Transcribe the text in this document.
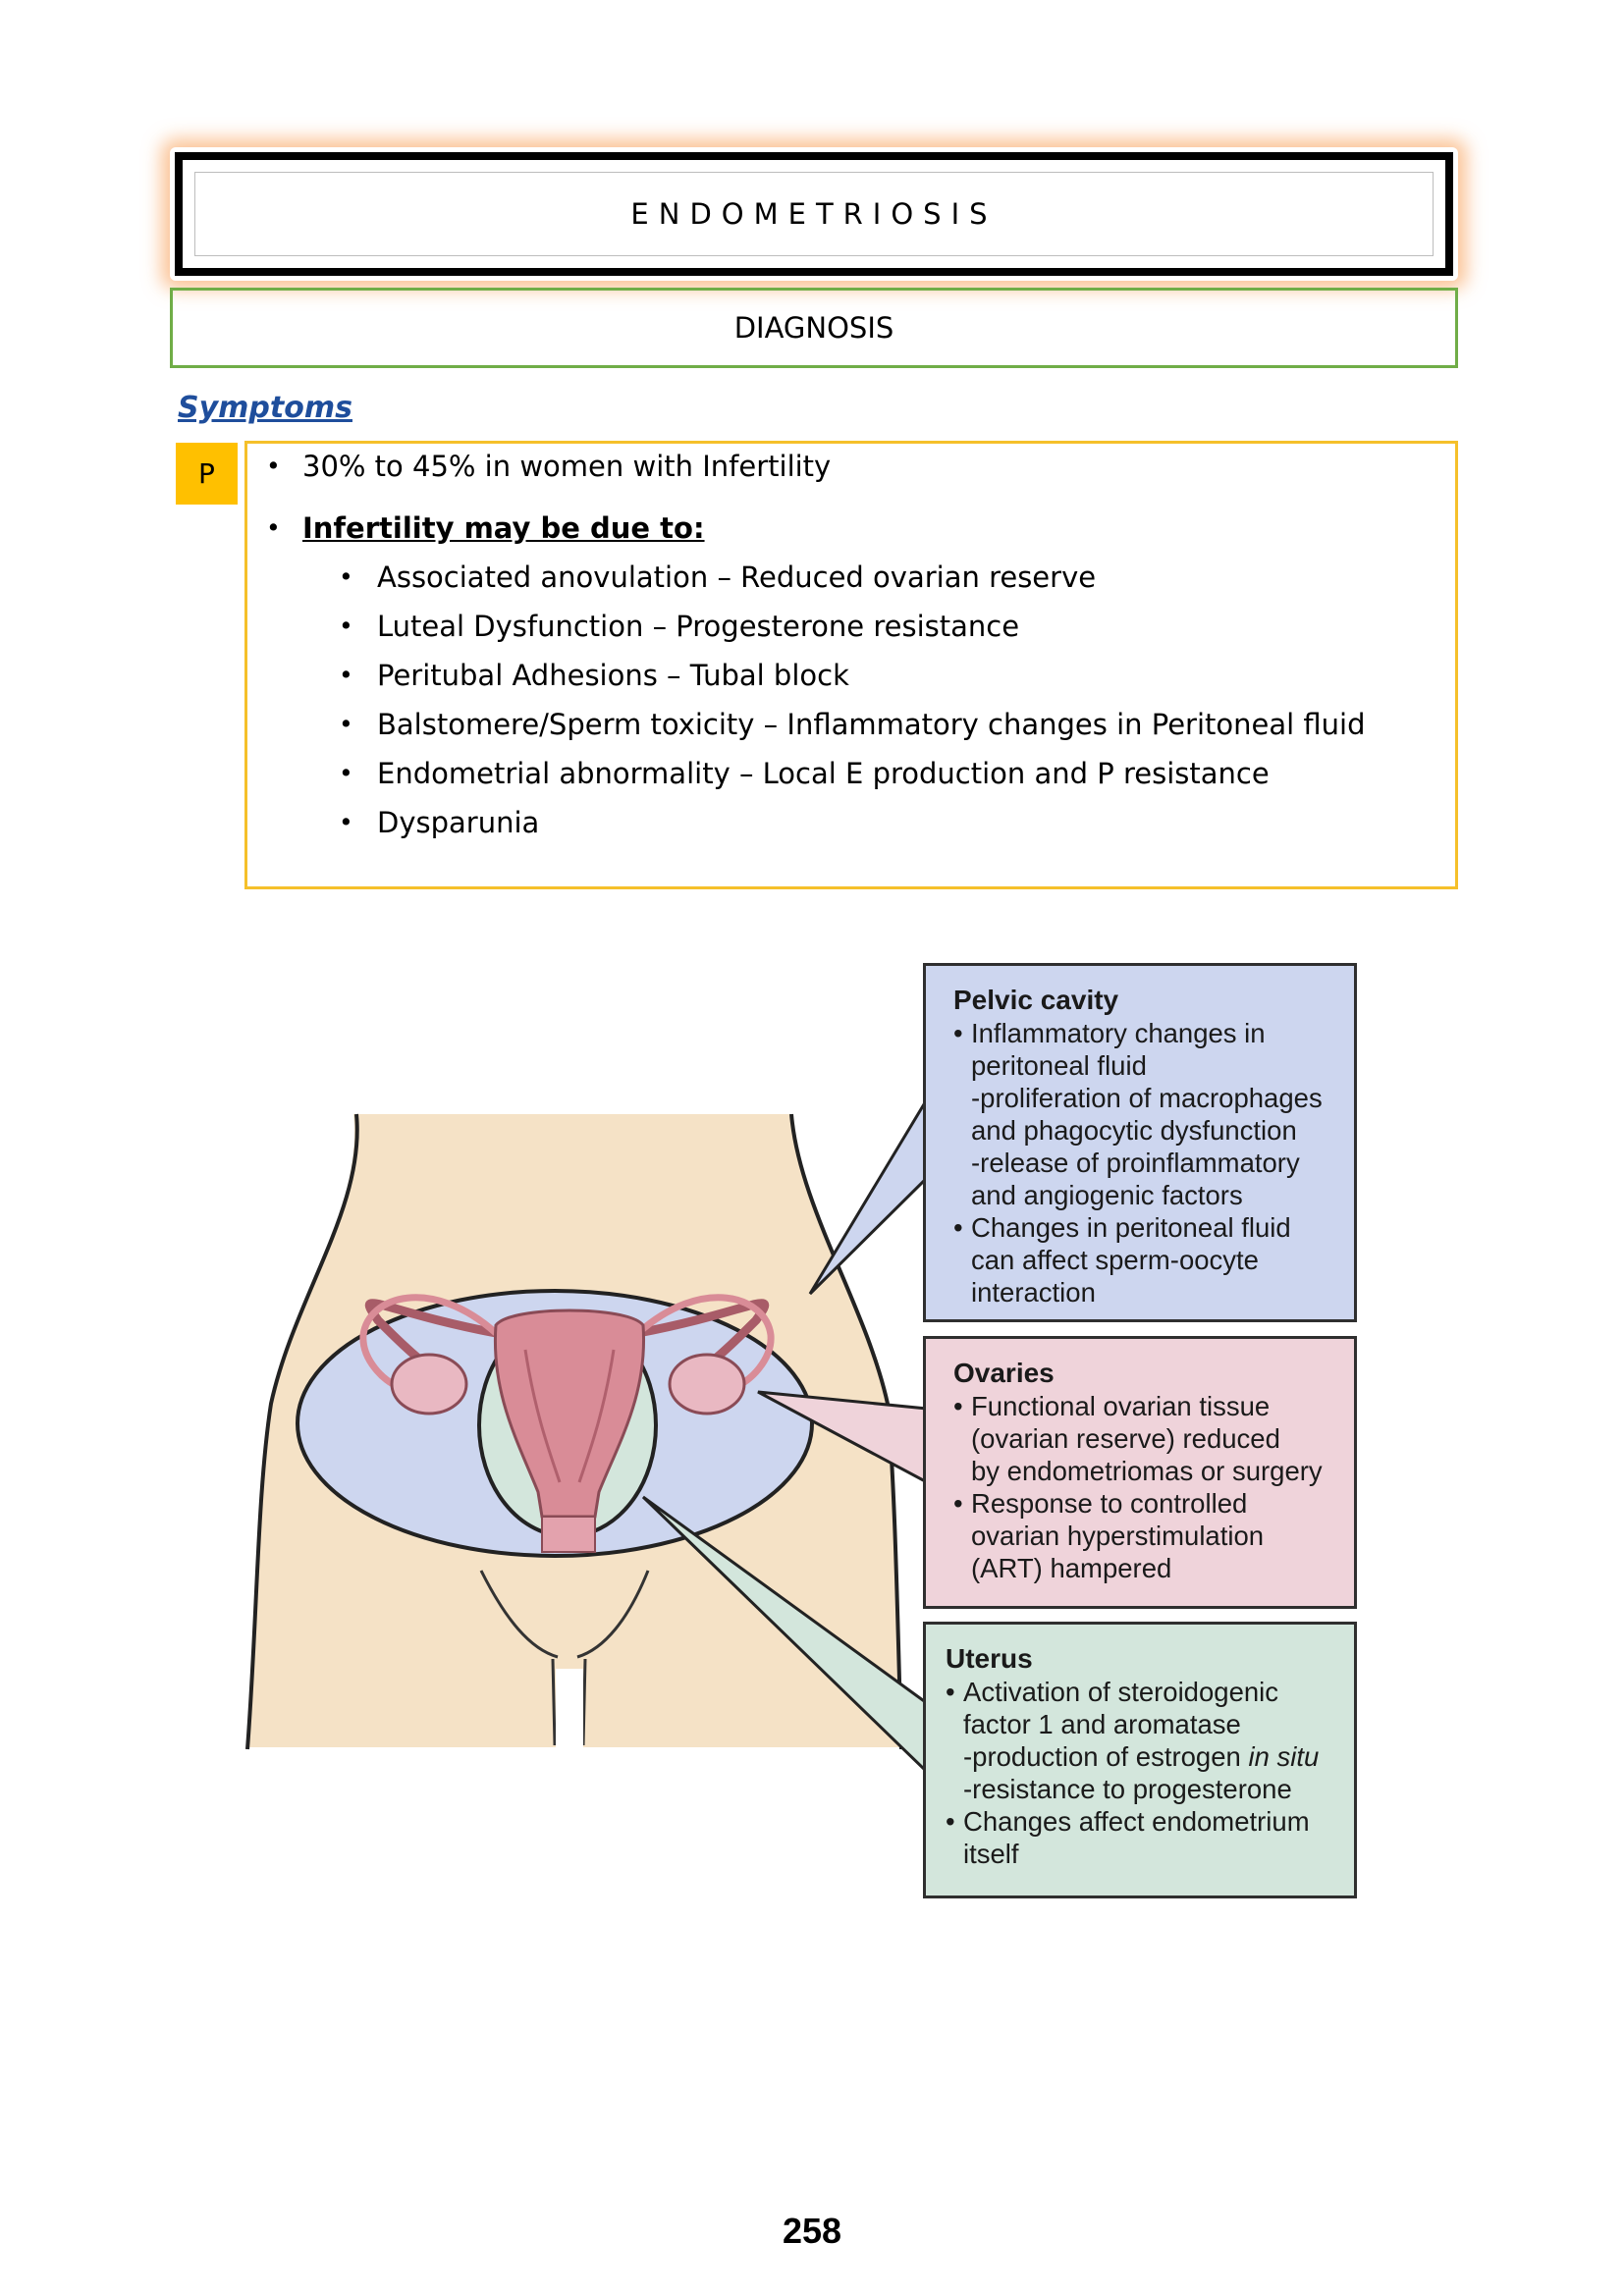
ENDOMETRIOSIS
DIAGNOSIS
Symptoms
P	• 30% to 45% in women with Infertility
• Infertility may be due to:
• Associated anovulation – Reduced ovarian reserve
• Luteal Dysfunction – Progesterone resistance
• Peritubal Adhesions – Tubal block
• Balstomere/Sperm toxicity – Inflammatory changes in Peritoneal fluid
• Endometrial abnormality – Local E production and P resistance
• Dysparunia
Pelvic cavity
• Inflammatory changes in
peritoneal fluid
-proliferation of macrophages
and phagocytic dysfunction
-release of proinflammatory
and angiogenic factors
• Changes in peritoneal fluid
can affect sperm-oocyte
interaction
Ovaries
• Functional ovarian tissue
(ovarian reserve) reduced
by endometriomas or surgery
• Response to controlled
ovarian hyperstimulation
(ART) hampered
Uterus
• Activation of steroidogenic
factor 1 and aromatase
-production of estrogen in situ
-resistance to progesterone
• Changes affect endometrium
itself
258
